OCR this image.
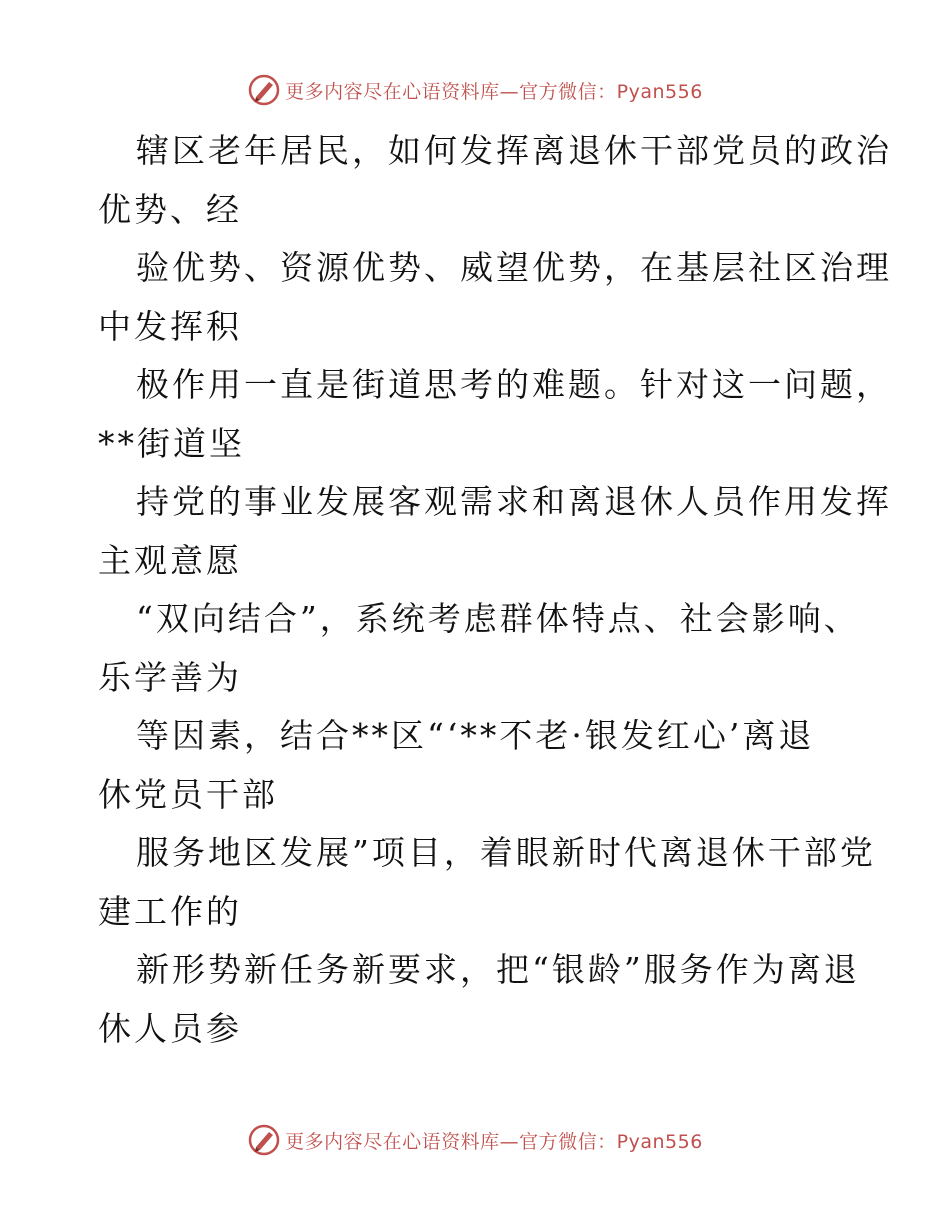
更多内容尽在心语资料库—官方微信：Pyan556
辖区老年居民，如何发挥离退休干部党员的政治
优势、经
验优势、资源优势、威望优势，在基层社区治理
中发挥积
极作用一直是街道思考的难题。针对这一问题，
**街道坚
持党的事业发展客观需求和离退休人员作用发挥
主观意愿
“双向结合”，系统考虑群体特点、社会影响、
乐学善为
等因素，结合**区“‘**不老·银发红心’离退
休党员干部
服务地区发展”项目，着眼新时代离退休干部党
建工作的
新形势新任务新要求，把“银龄”服务作为离退
休人员参
更多内容尽在心语资料库—官方微信：Pyan556
